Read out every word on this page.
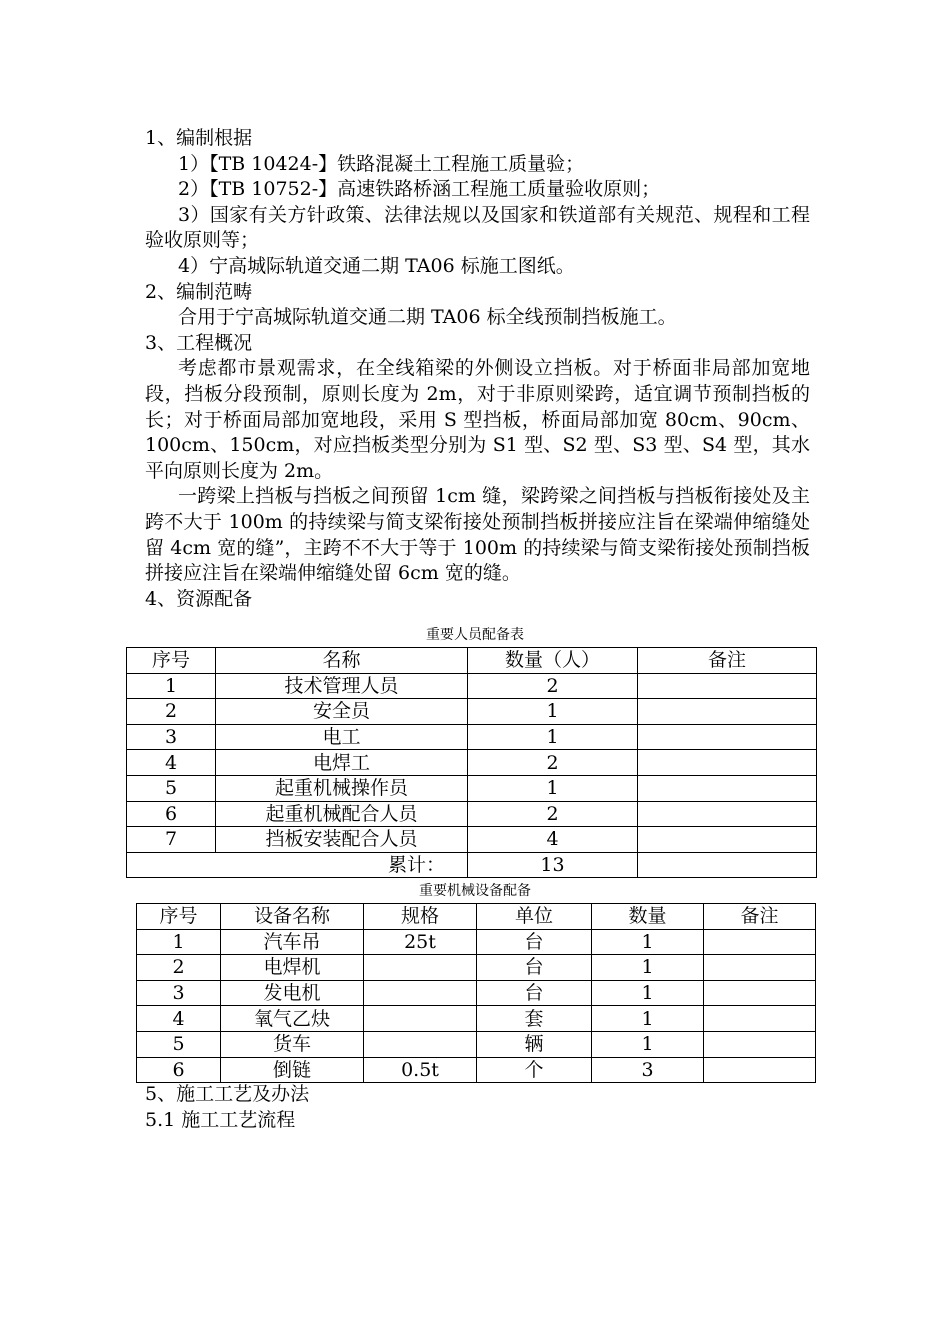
1、编制根据

1）【TB 10424-】铁路混凝土工程施工质量验；

2）【TB 10752-】高速铁路桥涵工程施工质量验收原则；

3）国家有关方针政策、法律法规以及国家和铁道部有关规范、规程和工程验收原则等；

4）宁高城际轨道交通二期 TA06 标施工图纸。

2、编制范畴

合用于宁高城际轨道交通二期 TA06 标全线预制挡板施工。

3、工程概况

考虑都市景观需求，在全线箱梁的外侧设立挡板。对于桥面非局部加宽地段，挡板分段预制，原则长度为 2m，对于非原则梁跨，适宜调节预制挡板的长；对于桥面局部加宽地段，采用 S 型挡板，桥面局部加宽 80cm、90cm、100cm、150cm，对应挡板类型分别为 S1 型、S2 型、S3 型、S4 型，其水平向原则长度为 2m。

一跨梁上挡板与挡板之间预留 1cm 缝，梁跨梁之间挡板与挡板衔接处及主跨不大于 100m 的持续梁与简支梁衔接处预制挡板拼接应注旨在梁端伸缩缝处留 4cm 宽的缝”，主跨不不大于等于 100m 的持续梁与简支梁衔接处预制挡板拼接应注旨在梁端伸缩缝处留 6cm 宽的缝。

4、资源配备

重要人员配备表
序号	名称	数量（人）	备注
1	技术管理人员	2	
2	安全员	1	
3	电工	1	
4	电焊工	2	
5	起重机械操作员	1	
6	起重机械配合人员	2	
7	挡板安装配合人员	4	
累计：		13	
重要机械设备配备
序号	设备名称	规格	单位	数量	备注
1	汽车吊	25t	台	1	
2	电焊机		台	1	
3	发电机		台	1	
4	氧气乙炔		套	1	
5	货车		辆	1	
6	倒链	0.5t	个	3	

5、施工工艺及办法

5.1 施工工艺流程
